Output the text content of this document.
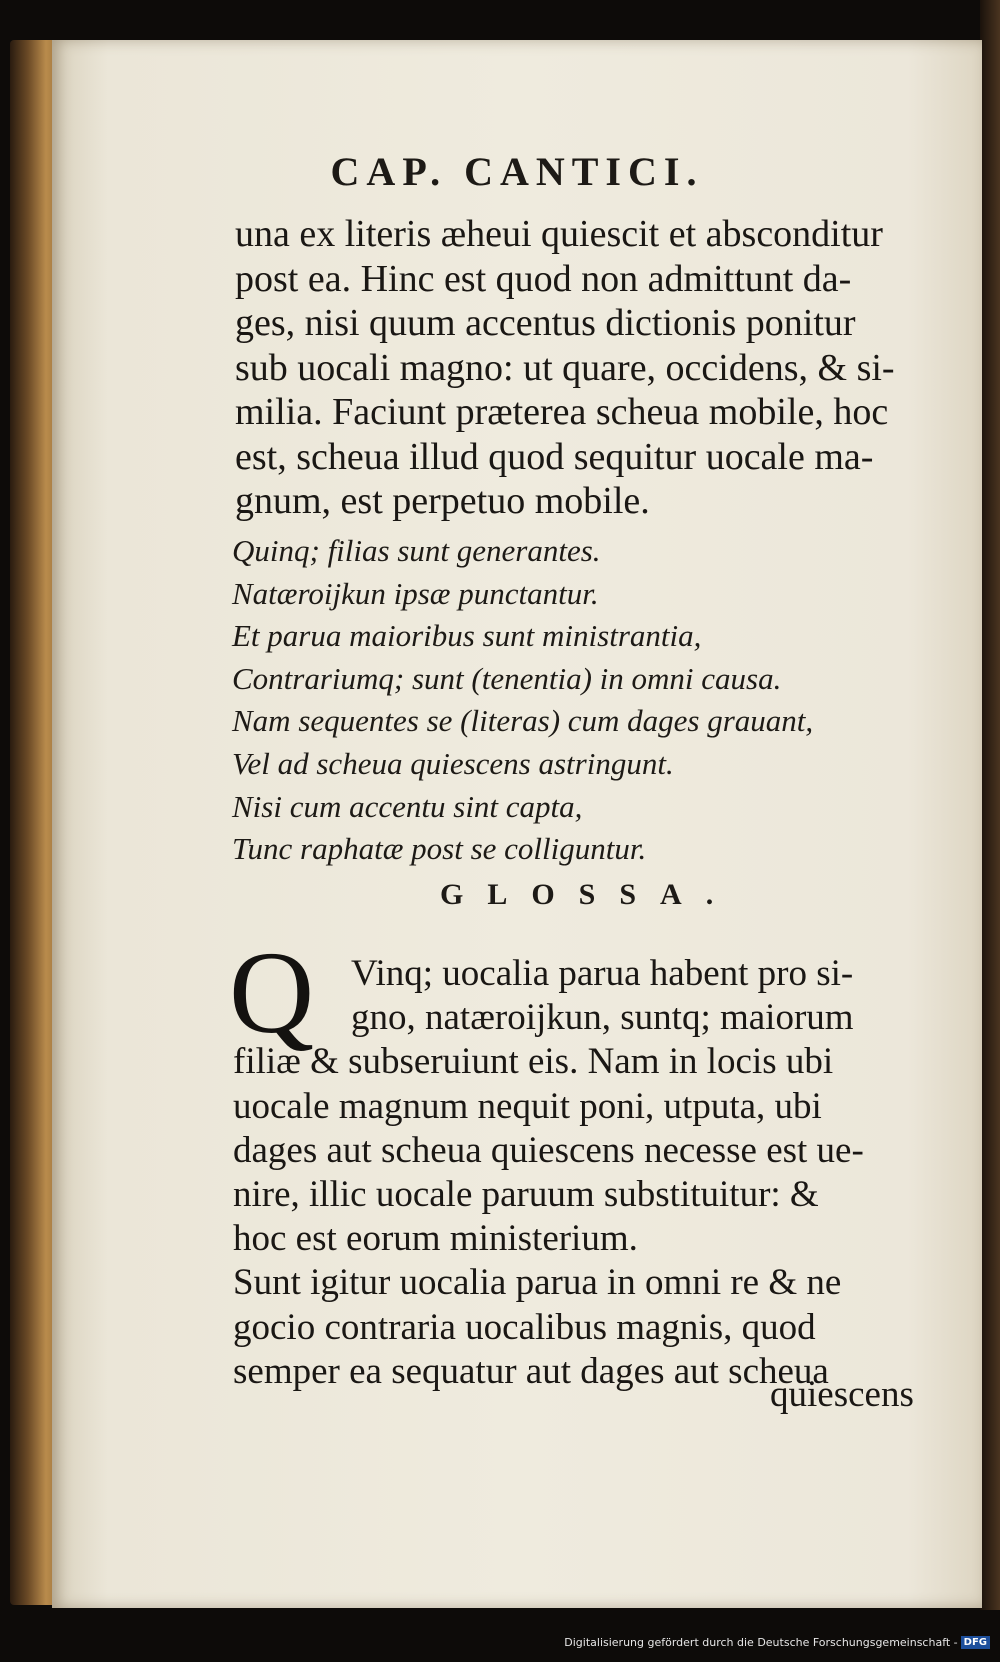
CAP. CANTICI.
una ex literis æheui quiescit et absconditur
post ea. Hinc est quod non admittunt da-
ges, nisi quum accentus dictionis ponitur
sub uocali magno: ut quare, occidens, & si-
milia. Faciunt præterea scheua mobile, hoc
est, scheua illud quod sequitur uocale ma-
gnum, est perpetuo mobile.
Quinq; filias sunt generantes.
Natæroijkun ipsæ punctantur.
Et parua maioribus sunt ministrantia,
Contrariumq; sunt (tenentia) in omni causa.
Nam sequentes se (literas) cum dages grauant,
Vel ad scheua quiescens astringunt.
Nisi cum accentu sint capta,
Tunc raphatæ post se colliguntur.
GLOSSA.
Q Vinq; uocalia parua habent pro si-
gno, natæroijkun, suntq; maiorum
filiæ & subseruiunt eis. Nam in locis ubi
uocale magnum nequit poni, utputa, ubi
dages aut scheua quiescens necesse est ue-
nire, illic uocale paruum substituitur: &
hoc est eorum ministerium.
Sunt igitur uocalia parua in omni re & ne
gocio contraria uocalibus magnis, quod
semper ea sequatur aut dages aut scheua
quiescens
Digitalisierung gefördert durch die Deutsche Forschungsgemeinschaft - DFG
